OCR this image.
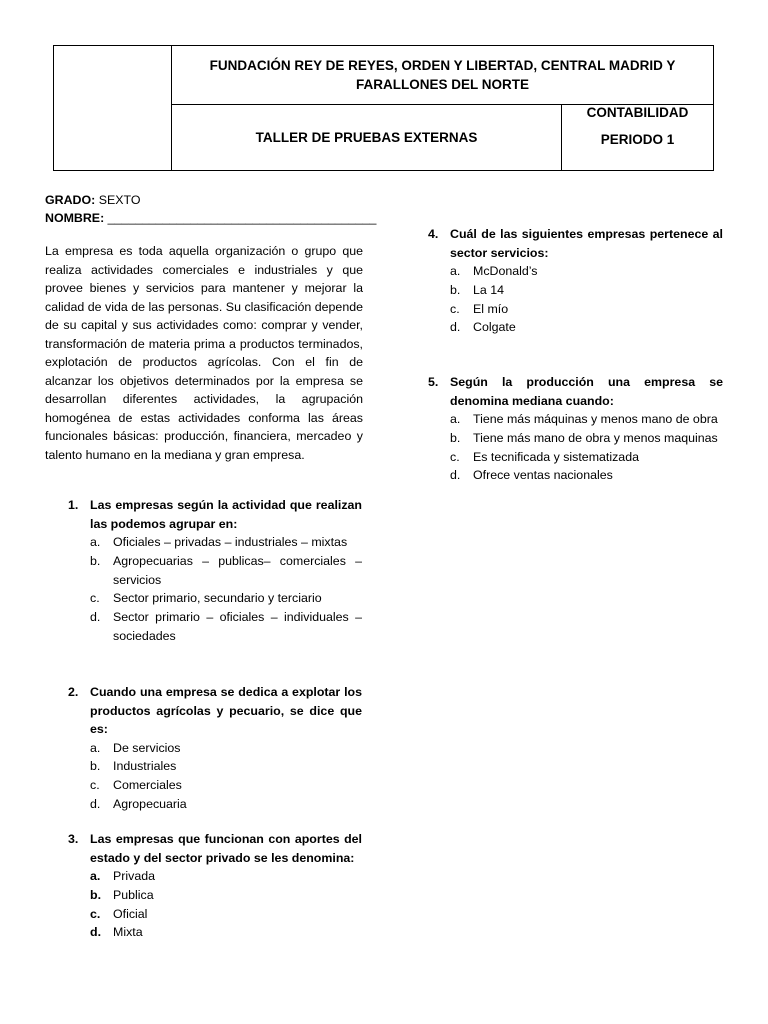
FUNDACIÓN REY DE REYES, ORDEN Y LIBERTAD, CENTRAL MADRID Y FARALLONES DEL NORTE
TALLER DE PRUEBAS EXTERNAS
CONTABILIDAD
PERIODO 1
GRADO: SEXTO
NOMBRE: _______________________________________
La empresa es toda aquella organización o grupo que realiza actividades comerciales e industriales y que provee bienes y servicios para mantener y mejorar la calidad de vida de las personas. Su clasificación depende de su capital y sus actividades como: comprar y vender, transformación de materia prima a productos terminados, explotación de productos agrícolas. Con el fin de alcanzar los objetivos determinados por la empresa se desarrollan diferentes actividades, la agrupación homogénea de estas actividades conforma las áreas funcionales básicas: producción, financiera, mercadeo y talento humano en la mediana y gran empresa.
1. Las empresas según la actividad que realizan las podemos agrupar en:
a.	Oficiales – privadas – industriales – mixtas
b.	Agropecuarias – publicas– comerciales – servicios
c.	Sector primario, secundario y terciario
d.	Sector primario – oficiales – individuales – sociedades
2. Cuando una empresa se dedica a explotar los productos agrícolas y pecuario, se dice que es:
a.	De servicios
b.	Industriales
c.	Comerciales
d.	Agropecuaria
3. Las empresas que funcionan con aportes del estado y del sector privado se les denomina:
a.	Privada
b. Publica
c.	Oficial
d. Mixta
4. Cuál de las siguientes empresas pertenece al sector servicios:
a.	McDonald’s
b.	La 14
c.	El mío
d.	Colgate
5. Según la producción una empresa se denomina mediana cuando:
a.	Tiene más máquinas y menos mano de obra
b.	Tiene más mano de obra y menos maquinas
c.	Es tecnificada y sistematizada
d.	Ofrece ventas nacionales
